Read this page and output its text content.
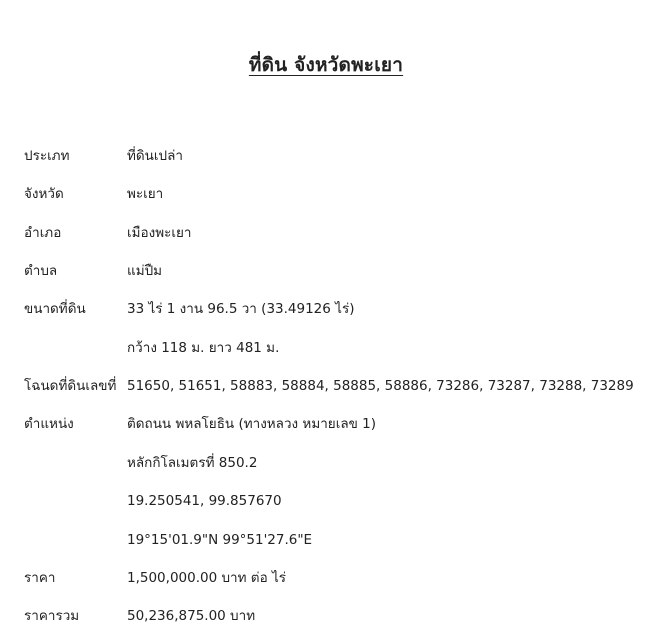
ที่ดิน จังหวัดพะเยา
ประเภท	ที่ดินเปล่า
จังหวัด	พะเยา
อำเภอ	เมืองพะเยา
ตำบล	แม่ปืม
ขนาดที่ดิน	33 ไร่ 1 งาน 96.5 วา (33.49126 ไร่)
กว้าง 118 ม. ยาว 481 ม.
โฉนดที่ดินเลขที่ 51650, 51651, 58883, 58884, 58885, 58886, 73286, 73287, 73288, 73289
ตำแหน่ง	ติดถนน พหลโยธิน (ทางหลวง หมายเลข 1)
หลักกิโลเมตรที่ 850.2
19.250541, 99.857670
19°15'01.9"N 99°51'27.6"E
ราคา	1,500,000.00 บาท ต่อ ไร่
ราคารวม	50,236,875.00 บาท
